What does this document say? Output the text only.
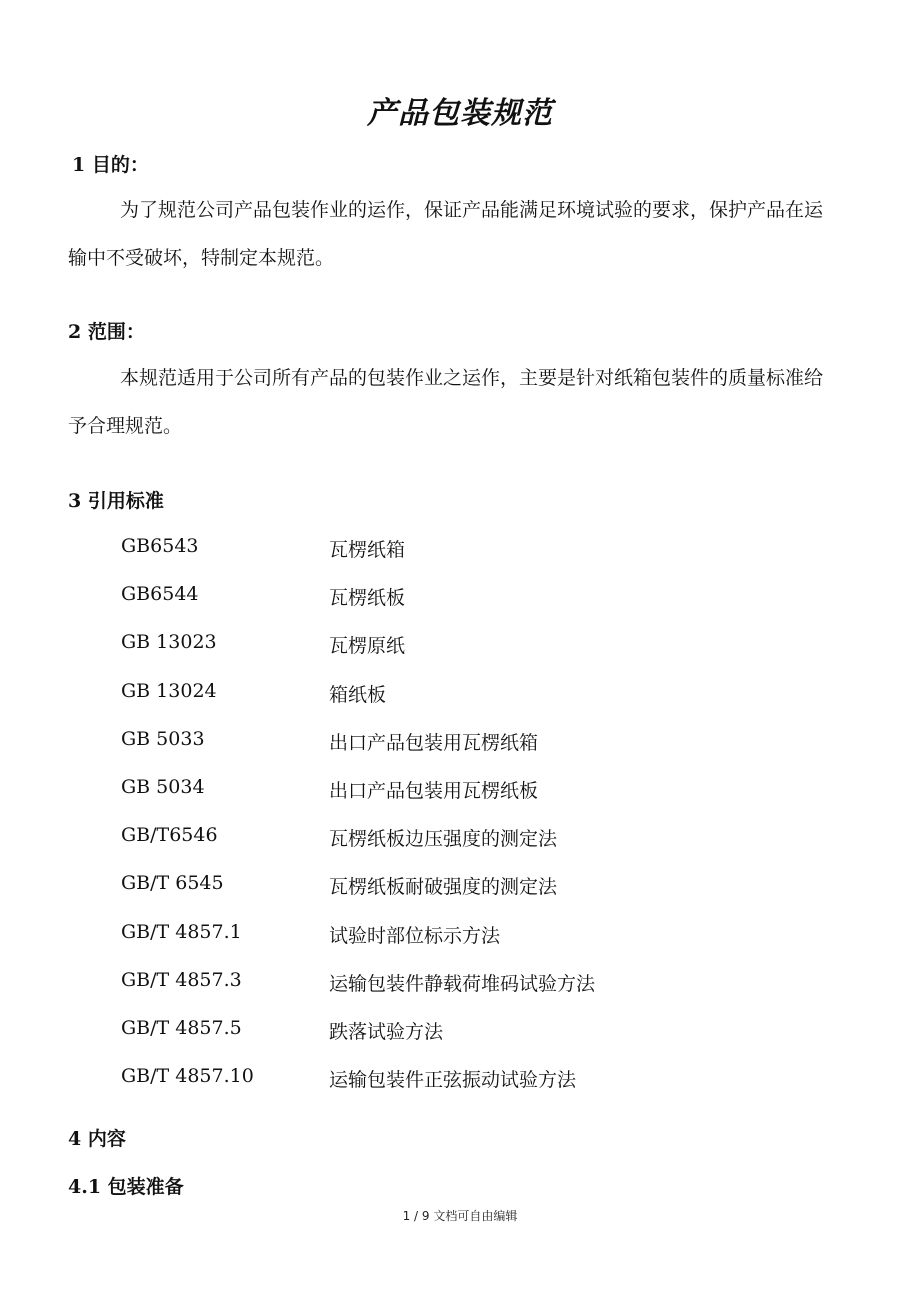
产品包装规范
1 目的：
为了规范公司产品包装作业的运作，保证产品能满足环境试验的要求，保护产品在运输中不受破坏，特制定本规范。
2 范围：
本规范适用于公司所有产品的包装作业之运作，主要是针对纸箱包装件的质量标准给予合理规范。
3 引用标准
GB6543	瓦楞纸箱
GB6544	瓦楞纸板
GB 13023	瓦楞原纸
GB 13024	箱纸板
GB 5033	出口产品包装用瓦楞纸箱
GB 5034	出口产品包装用瓦楞纸板
GB/T6546	瓦楞纸板边压强度的测定法
GB/T 6545	瓦楞纸板耐破强度的测定法
GB/T 4857.1	试验时部位标示方法
GB/T 4857.3	运输包装件静载荷堆码试验方法
GB/T 4857.5	跌落试验方法
GB/T 4857.10	运输包装件正弦振动试验方法
4 内容
4.1 包装准备
1 / 9 文档可自由编辑
